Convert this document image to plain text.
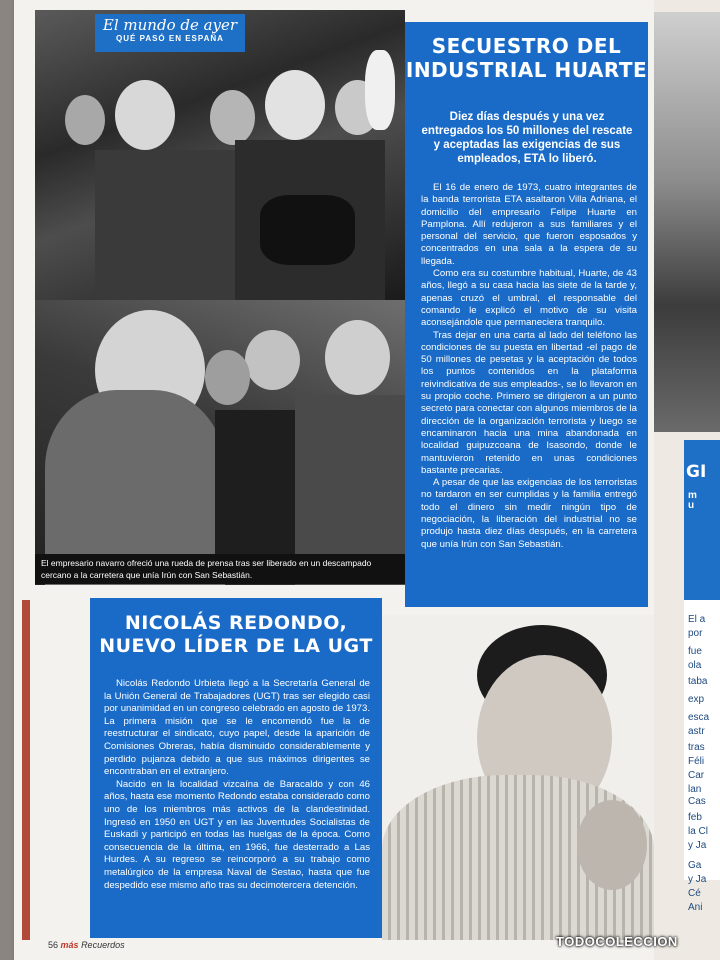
GI
m
u
El a
por
fue
ola
taba
exp
esca
astr
tras
Féli
Car
lan
Cas
feb
la Cl
y Ja
Ga
y Ja
Cé
Ani
El mundo de ayer
QUÉ PASÓ EN ESPAÑA
El empresario navarro ofreció una rueda de prensa tras ser liberado en un descampado cercano a la carretera que unía Irún con San Sebastián.
SECUESTRO DEL
INDUSTRIAL HUARTE
Diez días después y una vez entregados los 50 millones del rescate y aceptadas las exigencias de sus empleados, ETA lo liberó.

El 16 de enero de 1973, cuatro integrantes de la banda terrorista ETA asaltaron Villa Adriana, el domicilio del empresario Felipe Huarte en Pamplona. Allí redujeron a sus familiares y el personal del servicio, que fueron esposados y concentrados en una sala a la espera de su llegada.

Como era su costumbre habitual, Huarte, de 43 años, llegó a su casa hacia las siete de la tarde y, apenas cruzó el umbral, el responsable del comando le explicó el motivo de su visita aconsejándole que permaneciera tranquilo.

Tras dejar en una carta al lado del teléfono las condiciones de su puesta en libertad -el pago de 50 millones de pesetas y la aceptación de todos los puntos contenidos en la plataforma reivindicativa de sus empleados-, se lo llevaron en su propio coche. Primero se dirigieron a un punto secreto para conectar con algunos miembros de la dirección de la organización terrorista y luego se encaminaron hacia una mina abandonada en localidad guipuzcoana de Isasondo, donde le mantuvieron retenido en unas condiciones bastante precarias.

A pesar de que las exigencias de los terroristas no tardaron en ser cumplidas y la familia entregó todo el dinero sin medir ningún tipo de negociación, la liberación del industrial no se produjo hasta diez días después, en la carretera que unía Irún con San Sebastián.

NICOLÁS REDONDO,
NUEVO LÍDER DE LA UGT

Nicolás Redondo Urbieta llegó a la Secretaría General de la Unión General de Trabajadores (UGT) tras ser elegido casi por unanimidad en un congreso celebrado en agosto de 1973. La primera misión que se le encomendó fue la de reestructurar el sindicato, cuyo papel, desde la aparición de Comisiones Obreras, había disminuido considerablemente y perdido pujanza debido a que sus máximos dirigentes se encontraban en el extranjero.

Nacido en la localidad vizcaína de Baracaldo y con 46 años, hasta ese momento Redondo estaba considerado como uno de los miembros más activos de la clandestinidad. Ingresó en 1950 en UGT y en las Juventudes Socialistas de Euskadi y participó en todas las huelgas de la época. Como consecuencia de la última, en 1966, fue desterrado a Las Hurdes. A su regreso se reincorporó a su trabajo como metalúrgico de la empresa Naval de Sestao, hasta que fue despedido ese mismo año tras su decimotercera detención.

56 más Recuerdos	TODOCOLECCION
